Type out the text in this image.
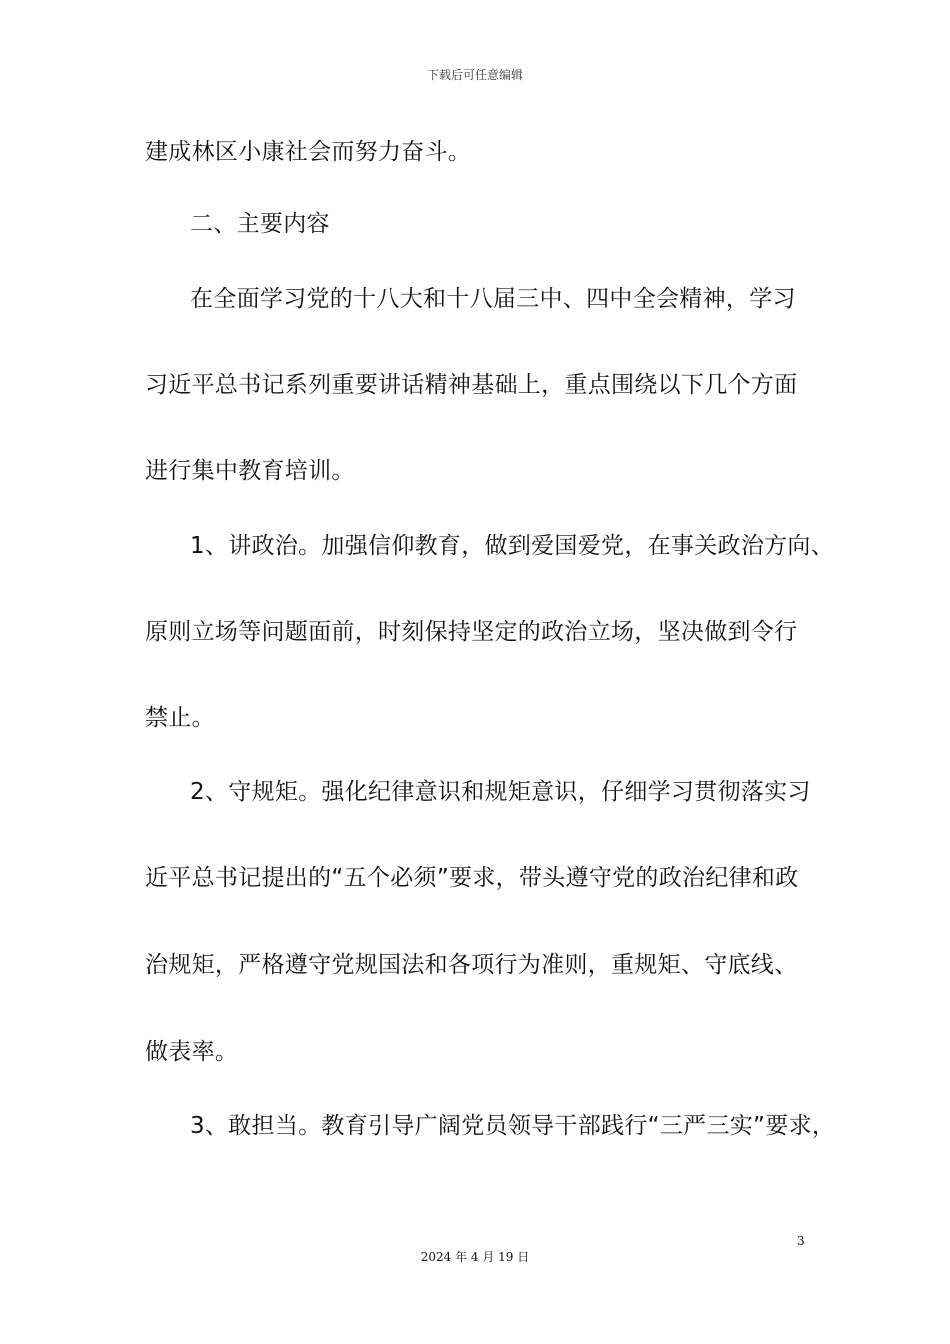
下载后可任意编辑
建成林区小康社会而努力奋斗。
二、主要内容
在全面学习党的十八大和十八届三中、四中全会精神，学习
习近平总书记系列重要讲话精神基础上，重点围绕以下几个方面
进行集中教育培训。
1、讲政治。加强信仰教育，做到爱国爱党，在事关政治方向、
原则立场等问题面前，时刻保持坚定的政治立场，坚决做到令行
禁止。
2、守规矩。强化纪律意识和规矩意识，仔细学习贯彻落实习
近平总书记提出的“五个必须”要求，带头遵守党的政治纪律和政
治规矩，严格遵守党规国法和各项行为准则，重规矩、守底线、
做表率。
3、敢担当。教育引导广阔党员领导干部践行“三严三实”要求，
3
2024 年 4 月 19 日
